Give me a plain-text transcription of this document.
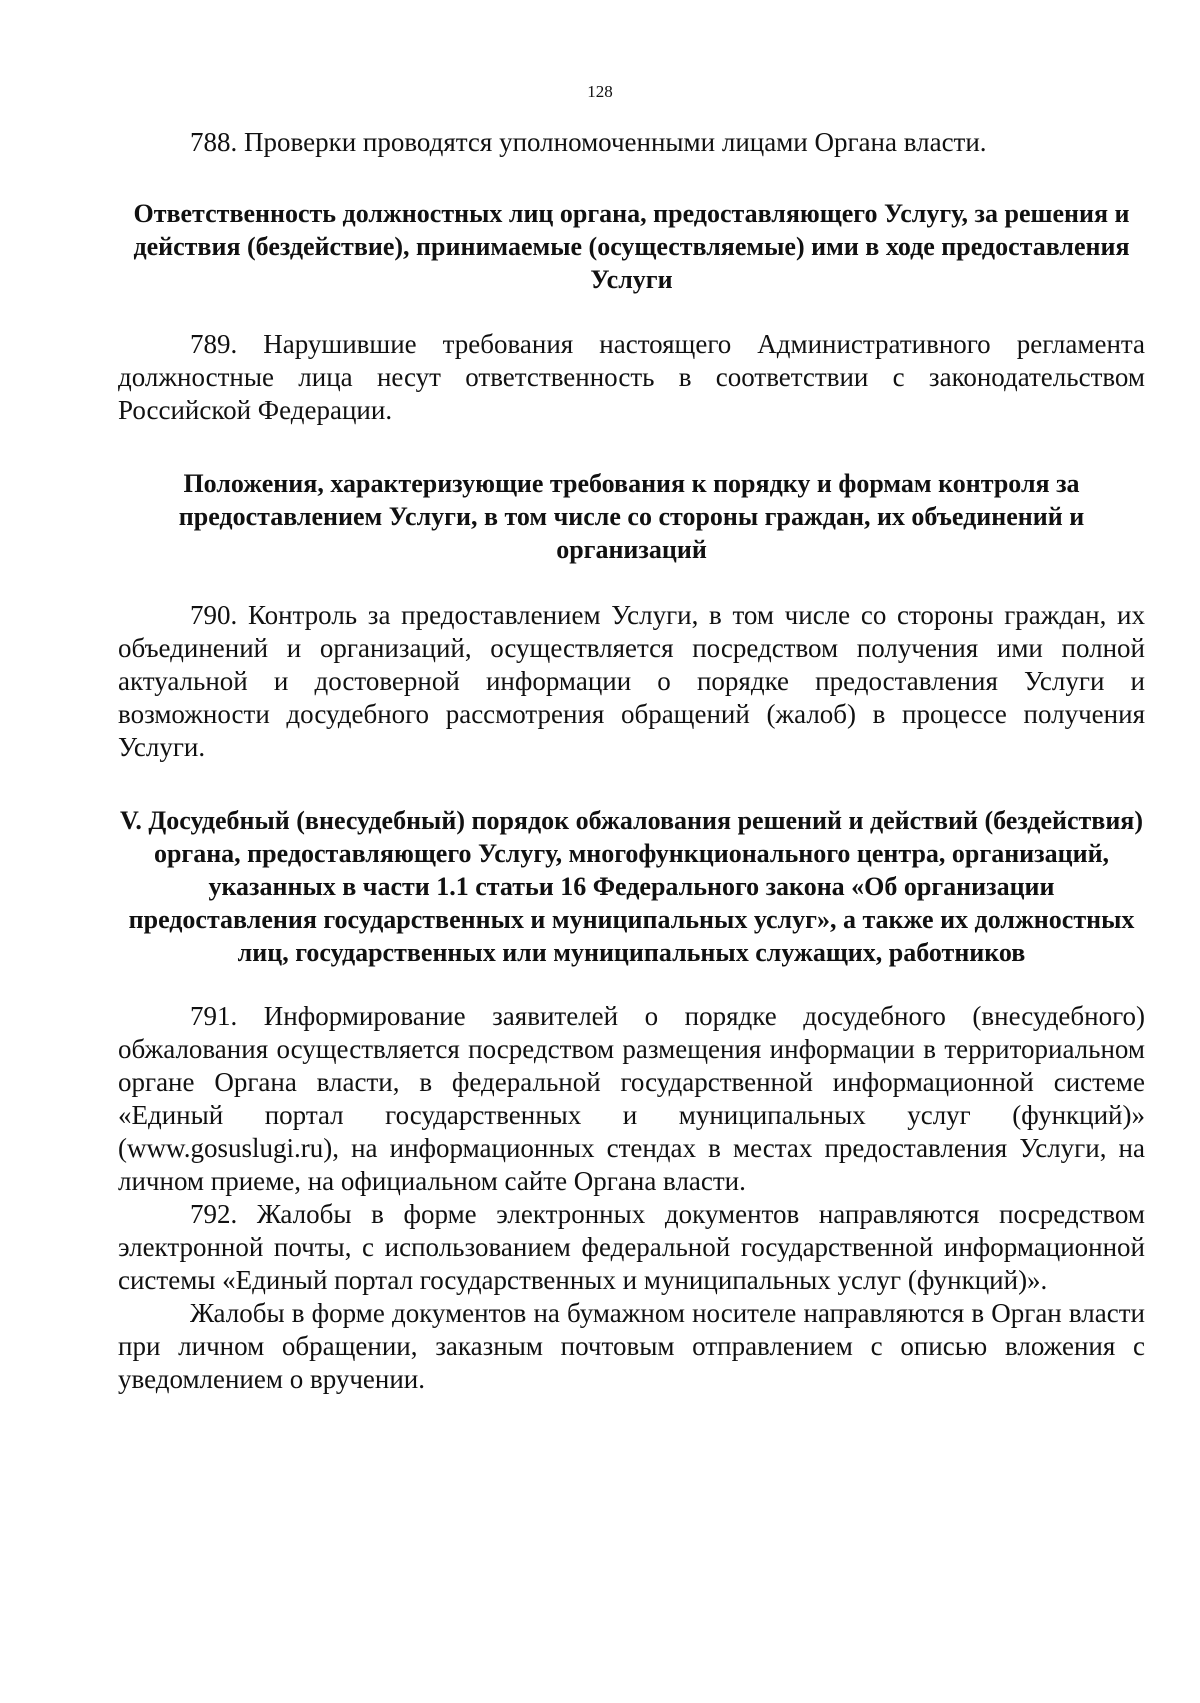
128

788. Проверки проводятся уполномоченными лицами Органа власти.

Ответственность должностных лиц органа, предоставляющего Услугу, за решения и действия (бездействие), принимаемые (осуществляемые) ими в ходе предоставления Услуги

789. Нарушившие требования настоящего Административного регламента должностные лица несут ответственность в соответствии с законодательством Российской Федерации.

Положения, характеризующие требования к порядку и формам контроля за предоставлением Услуги, в том числе со стороны граждан, их объединений и организаций

790. Контроль за предоставлением Услуги, в том числе со стороны граждан, их объединений и организаций, осуществляется посредством получения ими полной актуальной и достоверной информации о порядке предоставления Услуги и возможности досудебного рассмотрения обращений (жалоб) в процессе получения Услуги.

V. Досудебный (внесудебный) порядок обжалования решений и действий (бездействия) органа, предоставляющего Услугу, многофункционального центра, организаций, указанных в части 1.1 статьи 16 Федерального закона «Об организации предоставления государственных и муниципальных услуг», а также их должностных лиц, государственных или муниципальных служащих, работников

791. Информирование заявителей о порядке досудебного (внесудебного) обжалования осуществляется посредством размещения информации в территориальном органе Органа власти, в федеральной государственной информационной системе «Единый портал государственных и муниципальных услуг (функций)» (www.gosuslugi.ru), на информационных стендах в местах предоставления Услуги, на личном приеме, на официальном сайте Органа власти.

792. Жалобы в форме электронных документов направляются посредством электронной почты, с использованием федеральной государственной информационной системы «Единый портал государственных и муниципальных услуг (функций)».

Жалобы в форме документов на бумажном носителе направляются в Орган власти при личном обращении, заказным почтовым отправлением с описью вложения с уведомлением о вручении.
